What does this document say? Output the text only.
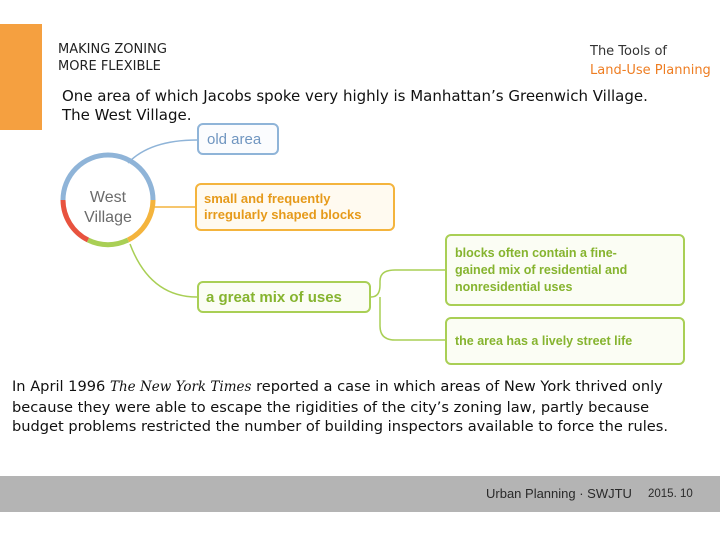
MAKING ZONING
MORE FLEXIBLE
The Tools of
Land-Use Planning
One area of which Jacobs spoke very highly is Manhattan’s Greenwich Village.
The West Village.
West
Village
old area
small and frequently
irregularly shaped blocks
a great mix of uses
blocks often contain a fine-
gained mix of residential and
nonresidential uses
the area has a lively street life
In April 1996 The New York Times reported a case in which areas of New York thrived only
because they were able to escape the rigidities of the city’s zoning law, partly because
budget problems restricted the number of building inspectors available to force the rules.
Urban Planning · SWJTU 2015. 10
